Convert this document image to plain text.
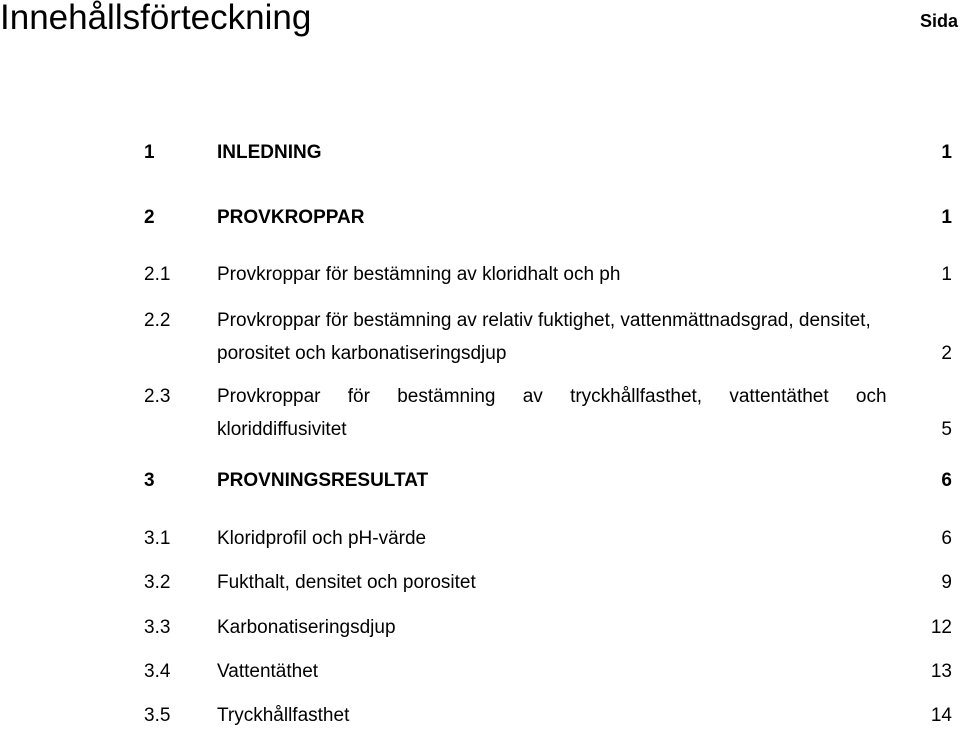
Innehållsförteckning	Sida
1	INLEDNING	1
2	PROVKROPPAR	1
2.1 Provkroppar för bestämning av kloridhalt och ph	1
2.2 Provkroppar för bestämning av relativ fuktighet, vattenmättnadsgrad, densitet,
porositet och karbonatiseringsdjup	2
2.3 Provkroppar för bestämning av tryckhållfasthet, vattentäthet och
kloriddiffusivitet	5
3	PROVNINGSRESULTAT	6
3.1 Kloridprofil och pH-värde	6
3.2 Fukthalt, densitet och porositet	9
3.3 Karbonatiseringsdjup	12
3.4 Vattentäthet	13
3.5 Tryckhållfasthet	14
